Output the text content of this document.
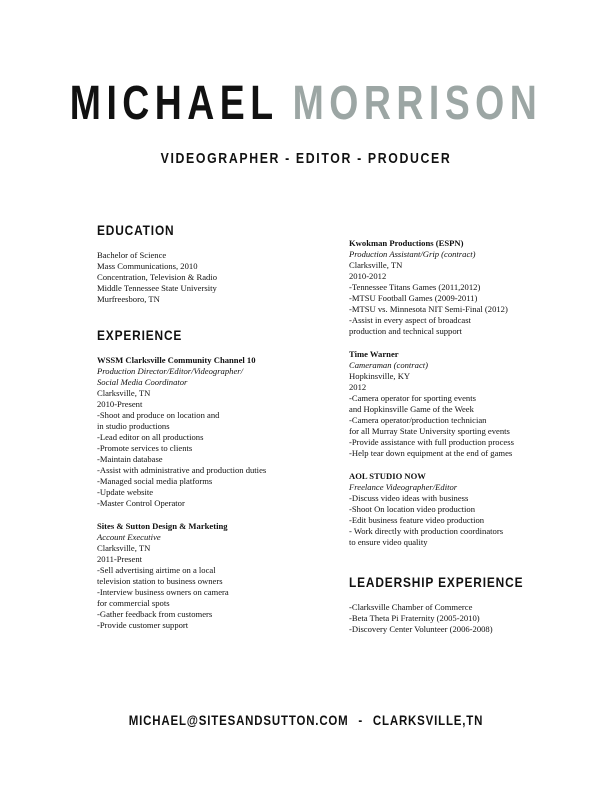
MICHAEL MORRISON
VIDEOGRAPHER - EDITOR - PRODUCER
EDUCATION
Bachelor of Science
Mass Communications, 2010
Concentration, Television & Radio
Middle Tennessee State University
Murfreesboro, TN
EXPERIENCE
WSSM Clarksville Community Channel 10
Production Director/Editor/Videographer/
Social Media Coordinator
Clarksville, TN
2010-Present
-Shoot and produce on location and
in studio productions
-Lead editor on all productions
-Promote services to clients
-Maintain database
-Assist with administrative and production duties
-Managed social media platforms
-Update website
-Master Control Operator
Sites & Sutton Design & Marketing
Account Executive
Clarksville, TN
2011-Present
-Sell advertising airtime on a local
television station to business owners
-Interview business owners on camera
for commercial spots
-Gather feedback from customers
-Provide customer support
Kwokman Productions (ESPN)
Production Assistant/Grip (contract)
Clarksville, TN
2010-2012
-Tennessee Titans Games (2011,2012)
-MTSU Football Games (2009-2011)
-MTSU vs. Minnesota NIT Semi-Final (2012)
-Assist in every aspect of broadcast
production and technical support
Time Warner
Cameraman (contract)
Hopkinsville, KY
2012
-Camera operator for sporting events
and Hopkinsville Game of the Week
-Camera operator/production technician
for all Murray State University sporting events
-Provide assistance with full production process
-Help tear down equipment at the end of games
AOL STUDIO NOW
Freelance Videographer/Editor
-Discuss video ideas with business
-Shoot On location video production
-Edit business feature video production
- Work directly with production coordinators
to ensure video quality
LEADERSHIP EXPERIENCE
-Clarksville Chamber of Commerce
-Beta Theta Pi Fraternity (2005-2010)
-Discovery Center Volunteer (2006-2008)
MICHAEL@SITESANDSUTTON.COM - CLARKSVILLE,TN
